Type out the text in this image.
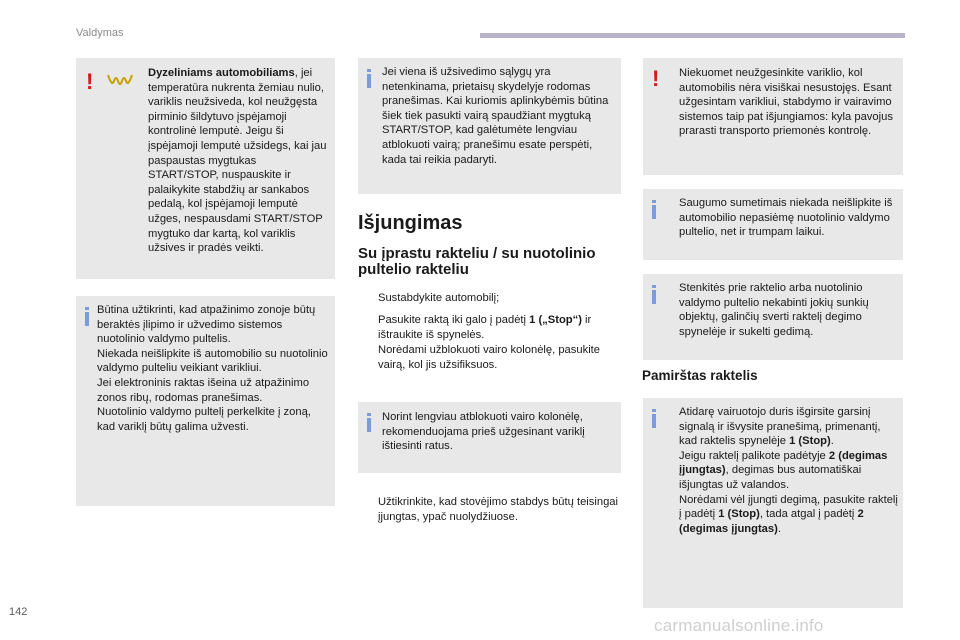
Valdymas
142
carmanualsonline.info
!	Dyzeliniams automobiliams, jei temperatūra nukrenta žemiau nulio, variklis neužsiveda, kol neužgęsta pirminio šildytuvo įspėjamoji kontrolinė lemputė. Jeigu ši įspėjamoji lemputė užsidegs, kai jau paspaustas mygtukas START/STOP, nuspauskite ir palaikykite stabdžių ar sankabos pedalą, kol įspėjamoji lemputė užges, nespausdami START/STOP mygtuko dar kartą, kol variklis užsives ir pradės veikti.

Būtina užtikrinti, kad atpažinimo zonoje būtų beraktės įlipimo ir užvedimo sistemos nuotolinio valdymo pultelis.
Niekada neišlipkite iš automobilio su nuotolinio valdymo pulteliu veikiant varikliui.
Jei elektroninis raktas išeina už atpažinimo zonos ribų, rodomas pranešimas.
Nuotolinio valdymo pultelį perkelkite į zoną, kad variklį būtų galima užvesti.

Jei viena iš užsivedimo sąlygų yra netenkinama, prietaisų skydelyje rodomas pranešimas. Kai kuriomis aplinkybėmis būtina šiek tiek pasukti vairą spaudžiant mygtuką START/STOP, kad galėtumėte lengviau atblokuoti vairą; pranešimu esate perspėti, kada tai reikia padaryti.

Išjungimas
Su įprastu rakteliu / su nuotolinio pultelio rakteliu
Sustabdykite automobilį;
Pasukite raktą iki galo į padėtį 1 („Stop“) ir ištraukite iš spynelės.
Norėdami užblokuoti vairo kolonėlę, pasukite vairą, kol jis užsifiksuos.

Norint lengviau atblokuoti vairo kolonėlę, rekomenduojama prieš užgesinant variklį ištiesinti ratus.

Užtikrinkite, kad stovėjimo stabdys būtų teisingai įjungtas, ypač nuolydžiuose.
! Niekuomet neužgesinkite variklio, kol automobilis nėra visiškai nesustojęs. Esant užgesintam varikliui, stabdymo ir vairavimo sistemos taip pat išjungiamos: kyla pavojus prarasti transporto priemonės kontrolę.

Saugumo sumetimais niekada neišlipkite iš automobilio nepasiėmę nuotolinio valdymo pultelio, net ir trumpam laikui.

Stenkitės prie raktelio arba nuotolinio valdymo pultelio nekabinti jokių sunkių objektų, galinčių sverti raktelį degimo spynelėje ir sukelti gedimą.

Pamirštas raktelis

Atidarę vairuotojo duris išgirsite garsinį signalą ir išvysite pranešimą, primenantį, kad raktelis spynelėje 1 (Stop).
Jeigu raktelį palikote padėtyje 2 (degimas įjungtas), degimas bus automatiškai išjungtas už valandos.
Norėdami vėl įjungti degimą, pasukite raktelį į padėtį 1 (Stop), tada atgal į padėtį 2 (degimas įjungtas).
